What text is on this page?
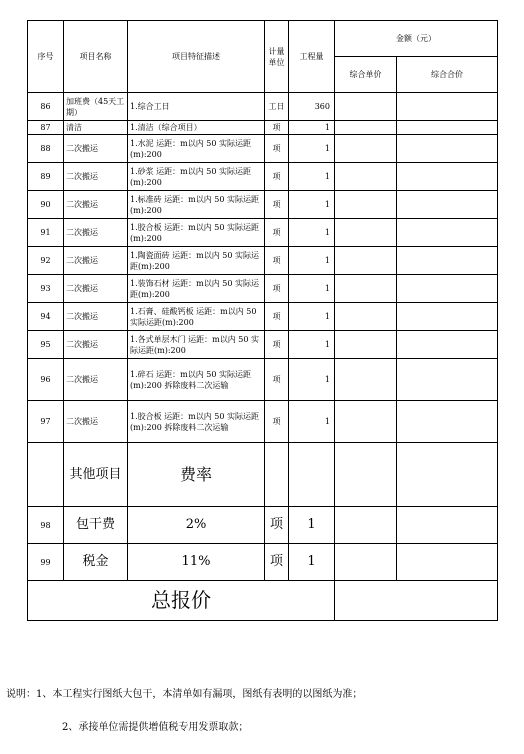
序号	项目名称	项目特征描述	计量单位	工程量	金额（元）	
					综合单价	综合合价
86	加班费（45天工期）	1.综合工日	工日	360		
87	清洁	1.清洁（综合项目）	项	1		
88	二次搬运	1.水泥 运距：m以内 50 实际运距(m):200	项	1		
89	二次搬运	1.砂浆 运距：m以内 50 实际运距(m):200	项	1		
90	二次搬运	1.标准砖 运距：m以内 50 实际运距(m):200	项	1		
91	二次搬运	1.胶合板 运距：m以内 50 实际运距(m):200	项	1		
92	二次搬运	1.陶瓷面砖 运距：m以内 50 实际运距(m):200	项	1		
93	二次搬运	1.装饰石材 运距：m以内 50 实际运距(m):200	项	1		
94	二次搬运	1.石膏、硅酸钙板 运距：m以内 50 实际运距(m):200	项	1		
95	二次搬运	1.各式单层木门 运距：m以内 50 实际运距(m):200	项	1		
96	二次搬运	1.碎石 运距：m以内 50 实际运距(m):200 拆除废料二次运输	项	1		
97	二次搬运	1.胶合板 运距：m以内 50 实际运距(m):200 拆除废料二次运输	项	1		
	其他项目	费率				
98	包干费	2%	项	1		
99	税金	11%	项	1		
总报价						
说明：1、本工程实行图纸大包干，本清单如有漏项，图纸有表明的以图纸为准；
2、承接单位需提供增值税专用发票取款；
